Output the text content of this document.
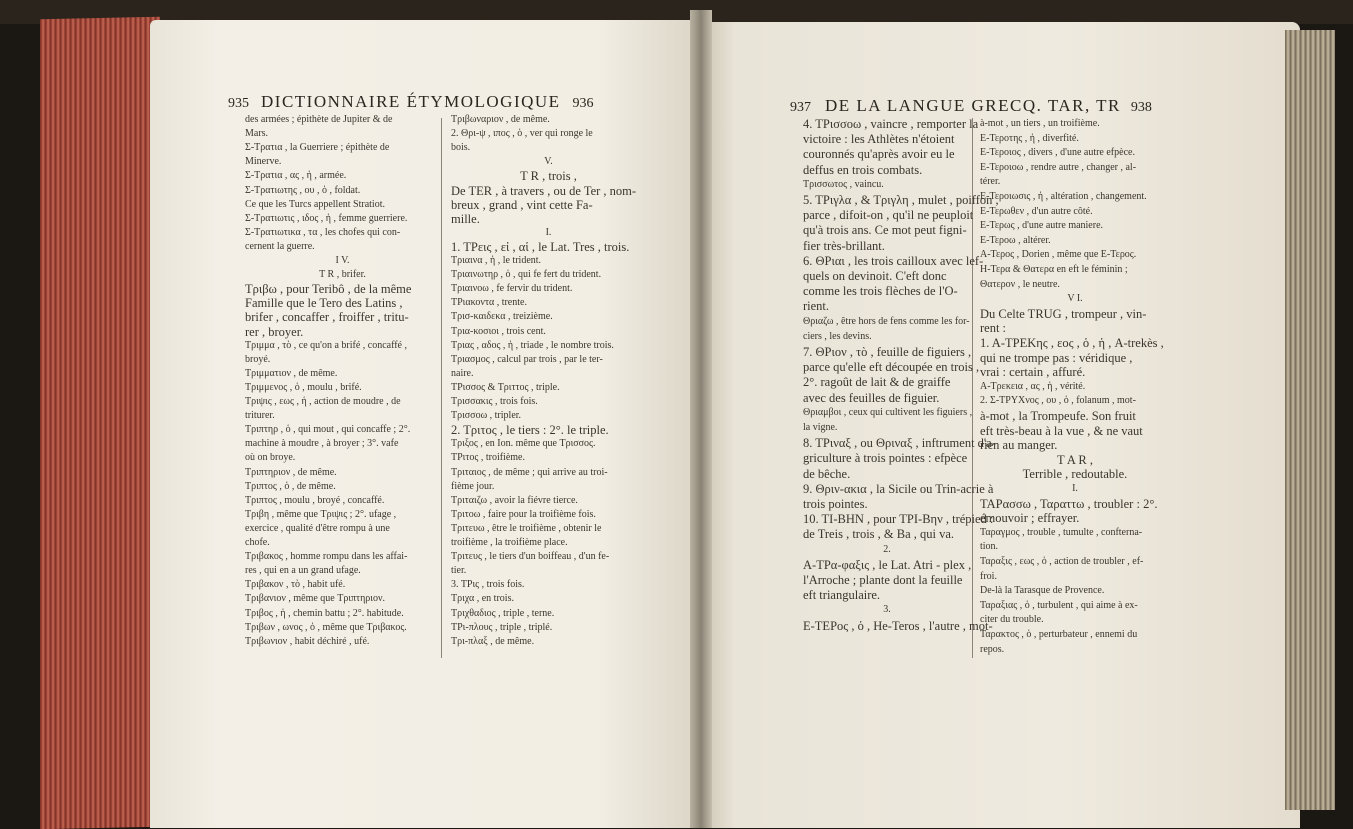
935 DICTIONNAIRE ÉTYMOLOGIQUE 936	937 DE LA LANGUE GRECQ. TAR, TR 938
des armées ; épithète de Jupiter & de
Mars.
Σ-Τρατια , la Guerriere ; épithète de
Minerve.
Σ-Τρατια , ας , ἡ , armée.
Σ-Τρατιωτης , ου , ὁ , foldat.
Ce que les Turcs appellent Stratiot.
Σ-Τρατιωτις , ιδος , ἡ , femme guerriere.
Σ-Τρατιωτικα , τα , les chofes qui con-
cernent la guerre.
I V.
T R , brifer.
Tριβω , pour Teribô , de la même
Famille que le Tero des Latins ,
brifer , concaffer , froiffer , tritu-
rer , broyer.
Τριμμα , τὸ , ce qu'on a brifé , concaffé ,
broyé.
Τριμματιον , de même.
Τριμμενος , ὁ , moulu , brifé.
Τριψις , εως , ἡ , action de moudre , de
triturer.
Τριπτηρ , ὁ , qui mout , qui concaffe ; 2°.
machine à moudre , à broyer ; 3°. vafe
où on broye.
Τριπτηριον , de même.
Τριπτος , ὁ , de même.
Τριπτος , moulu , broyé , concaffé.
Τριβη , même que Τριψις ; 2°. ufage ,
exercice , qualité d'être rompu à une
chofe.
Τριβακος , homme rompu dans les affai-
res , qui en a un grand ufage.
Τριβακον , τὸ , habit ufé.
Τριβανιον , même que Τριπτηριον.
Τριβος , ἡ , chemin battu ; 2°. habitude.
Τριβων , ωνος , ὁ , même que Τριβακος.
Τριβωνιον , habit déchiré , ufé.
Τριβωναριον , de même.
2. Θρι-ψ , ιπος , ὁ , ver qui ronge le
bois.
V.
T R , trois ,
De TER , à travers , ou de Ter , nom-
breux , grand , vint cette Fa-
mille.
I.
1. ΤΡεις , εἰ , αἱ , le Lat. Tres , trois.
Τριαινα , ἡ , le trident.
Τριαινωτηρ , ὁ , qui fe fert du trident.
Τριαινοω , fe fervir du trident.
ΤΡιακοντα , trente.
Τρισ-καιδεκα , treizième.
Τρια-κοσιοι , trois cent.
Τριας , αδος , ἡ , triade , le nombre trois.
Τριασμος , calcul par trois , par le ter-
naire.
ΤΡισσος & Τριττος , triple.
Τρισσακις , trois fois.
Τρισσοω , tripler.
2. Τριτος , le tiers : 2°. le triple.
Τριξος , en Ion. même que Τρισσος.
ΤΡιτος , troifième.
Τριταιος , de même ; qui arrive au troi-
fième jour.
Τριταιζω , avoir la fiévre tierce.
Τριτοω , faire pour la troifième fois.
Τριτευω , être le troifième , obtenir le
troifième , la troifième place.
Τριτευς , le tiers d'un boiffeau , d'un fe-
tier.
3. ΤΡις , trois fois.
Τριχα , en trois.
Τριχθαδιος , triple , terne.
ΤΡι-πλους , triple , triplé.
Τρι-πλαξ , de même.
4. ΤΡισσοω , vaincre , remporter la
victoire : les Athlètes n'étoient
couronnés qu'après avoir eu le
deffus en trois combats.
Τρισσωτος , vaincu.
5. ΤΡιγλα , & Τριγλη , mulet , poiffon ,
parce , difoit-on , qu'il ne peuploit
qu'à trois ans. Ce mot peut figni-
fier très-brillant.
6. ΘΡιαι , les trois cailloux avec lef-
quels on devinoit. C'eft donc
comme les trois flèches de l'O-
rient.
Θριαζω , être hors de fens comme les for-
ciers , les devins.
7. ΘΡιον , τὸ , feuille de figuiers ,
parce qu'elle eft découpée en trois ,
2°. ragoût de lait & de graiffe
avec des feuilles de figuier.
Θριαμβοι , ceux qui cultivent les figuiers ,
la vigne.
8. ΤΡιναξ , ou Θριναξ , inftrument d'a-
griculture à trois pointes : efpèce
de bêche.
9. Θριν-ακια , la Sicile ou Trin-acrie à
trois pointes.
10. ΤΙ-ΒΗΝ , pour ΤΡΙ-Βην , trépied :
de Treis , trois , & Ba , qui va.
2.
Α-ΤΡα-φαξις , le Lat. Atri - plex ,
l'Arroche ; plante dont la feuille
eft triangulaire.
3.
Ε-ΤΕΡος , ὁ , He-Teros , l'autre , mot-
à-mot , un tiers , un troifième.
Ε-Τεροτης , ἡ , diverfité.
Ε-Τεροιος , divers , d'une autre efpèce.
Ε-Τεροιοω , rendre autre , changer , al-
térer.
Ε-Τεροιωσις , ἡ , altération , changement.
Ε-Τερωθεν , d'un autre côté.
Ε-Τερως , d'une autre maniere.
Ε-Τεροω , altérer.
Α-Τερος , Dorien , même que Ε-Τερος.
Η-Τερα & Θατερα en eft le féminin ;
Θατερον , le neutre.
V I.
Du Celte TRUG , trompeur , vin-
rent :
1. Α-ΤΡΕΚης , εος , ὁ , ἡ , A-trekès ,
qui ne trompe pas : véridique ,
vrai : certain , affuré.
Α-Τρεκεια , ας , ἡ , vérité.
2. Σ-ΤΡΥΧνος , ου , ὁ , folanum , mot-
à-mot , la Trompeufe. Son fruit
eft très-beau à la vue , & ne vaut
rien au manger.
T A R ,
Terrible , redoutable.
I.
ΤΑΡασσω , Ταραττω , troubler : 2°.
émouvoir ; effrayer.
Ταραγμος , trouble , tumulte , confterna-
tion.
Ταραξις , εως , ὁ , action de troubler , ef-
froi.
De-là la Tarasque de Provence.
Ταραξιας , ὁ , turbulent , qui aime à ex-
citer du trouble.
Ταρακτος , ὁ , perturbateur , ennemi du
repos.
